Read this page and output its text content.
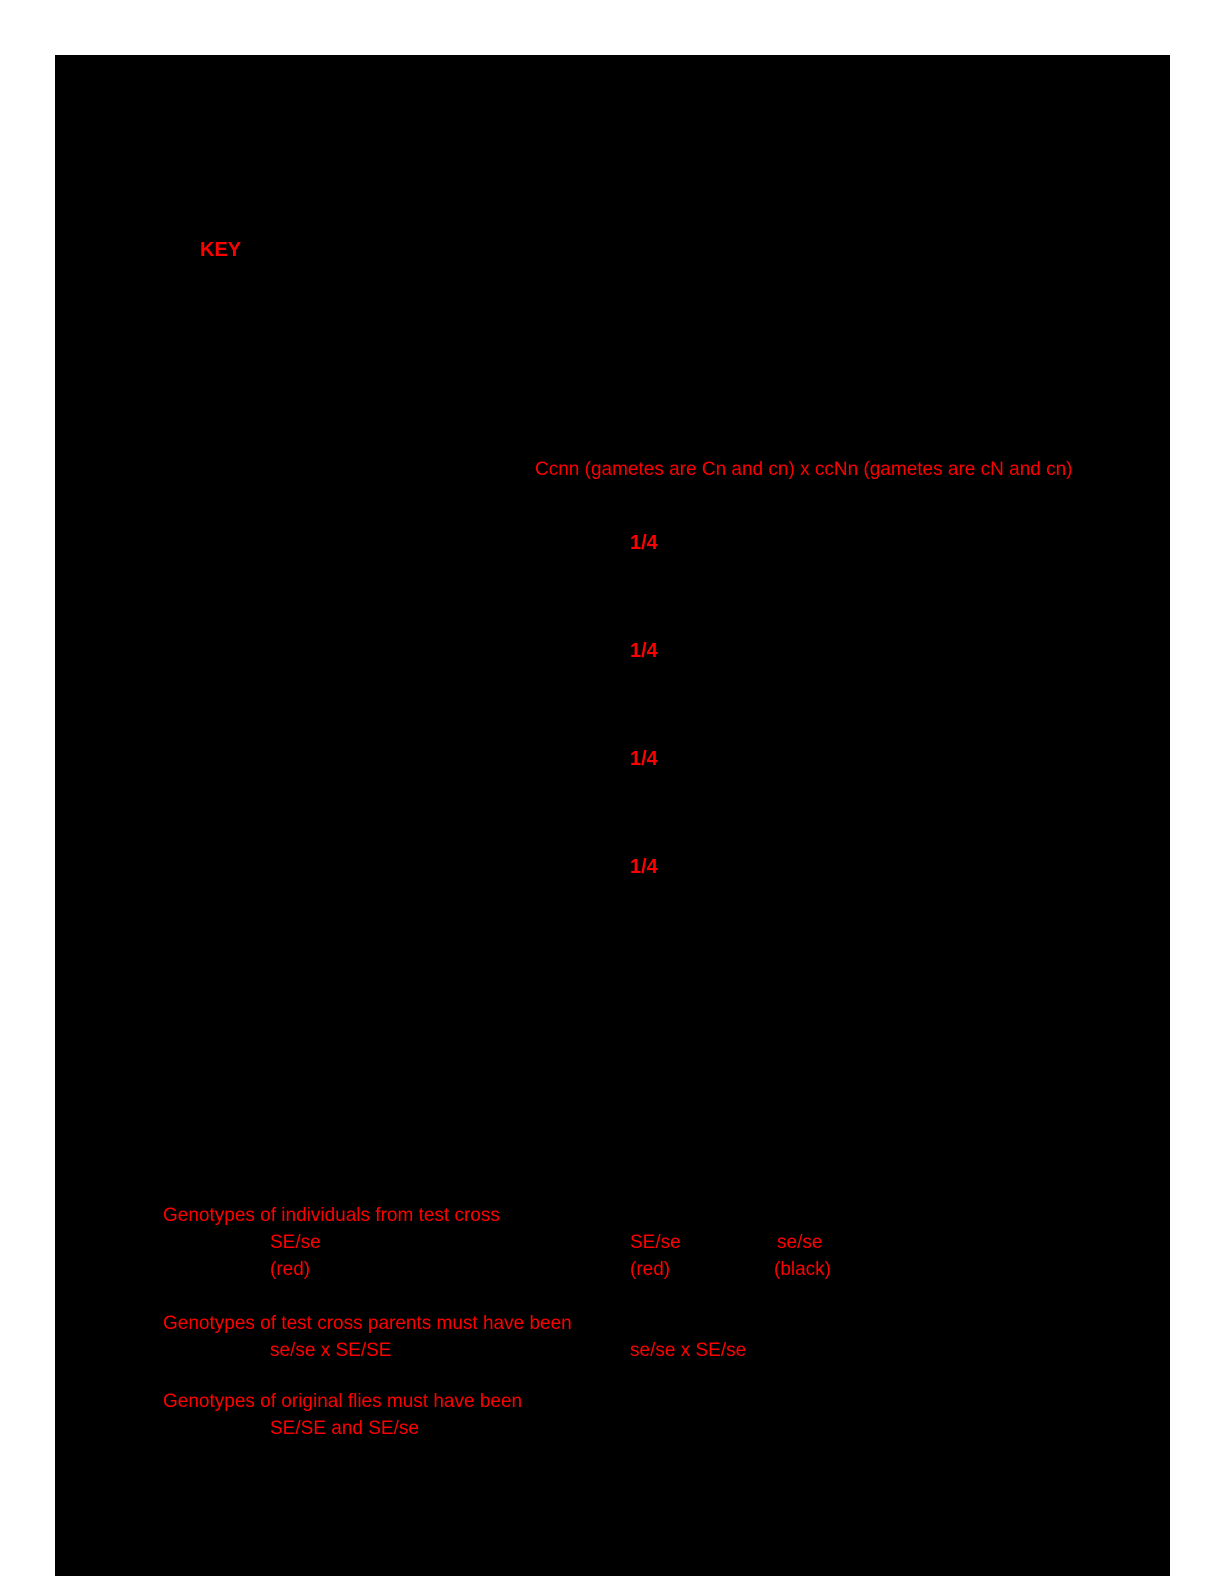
KEY
Ccnn (gametes are Cn and cn) x ccNn (gametes are cN and cn)
1/4
1/4
1/4
1/4
Genotypes of individuals from test cross
SE/se	SE/se	se/se
(red)	(red)	(black)
Genotypes of test cross parents must have been
se/se x SE/SE	se/se x SE/se
Genotypes of original flies must have been
SE/SE and SE/se
